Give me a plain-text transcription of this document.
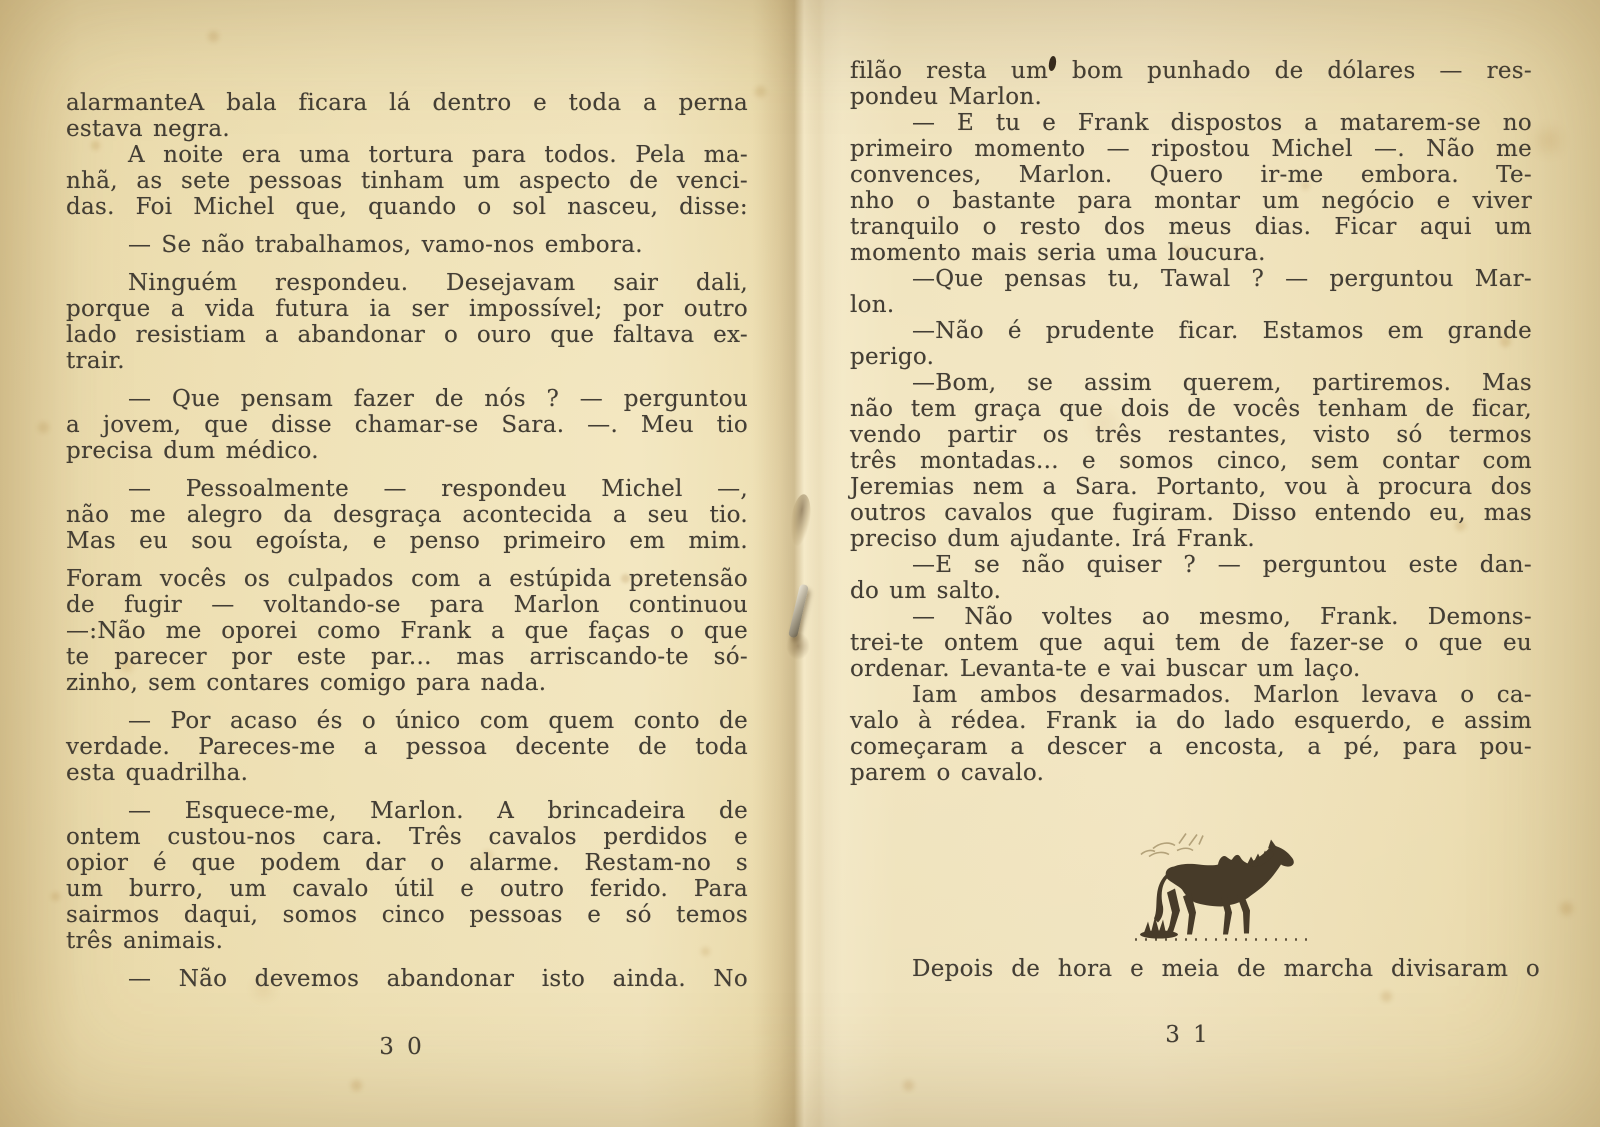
alarmanteA bala ficara lá dentro e toda a perna
estava negra.
A noite era uma tortura para todos. Pela ma-
nhã, as sete pessoas tinham um aspecto de venci-
das. Foi Michel que, quando o sol nasceu, disse:
— Se não trabalhamos, vamo-nos embora.
Ninguém respondeu. Desejavam sair dali,
porque a vida futura ia ser impossível; por outro
lado resistiam a abandonar o ouro que faltava ex-
trair.
— Que pensam fazer de nós ? — perguntou
a jovem, que disse chamar-se Sara. —. Meu tio
precisa dum médico.
— Pessoalmente — respondeu Michel —,
não me alegro da desgraça acontecida a seu tio.
Mas eu sou egoísta, e penso primeiro em mim.
Foram vocês os culpados com a estúpida pretensão
de fugir — voltando-se para Marlon continuou
—:Não me oporei como Frank a que faças o que
te parecer por este par... mas arriscando-te só-
zinho, sem contares comigo para nada.
— Por acaso és o único com quem conto de
verdade. Pareces-me a pessoa decente de toda
esta quadrilha.
— Esquece-me, Marlon. A brincadeira de
ontem custou-nos cara. Três cavalos perdidos e
opior é que podem dar o alarme. Restam-no s
um burro, um cavalo útil e outro ferido. Para
sairmos daqui, somos cinco pessoas e só temos
três animais.
— Não devemos abandonar isto ainda. No
3 0
filão resta um bom punhado de dólares — res-
pondeu Marlon.
— E tu e Frank dispostos a matarem-se no
primeiro momento — ripostou Michel —. Não me
convences, Marlon. Quero ir-me embora. Te-
nho o bastante para montar um negócio e viver
tranquilo o resto dos meus dias. Ficar aqui um
momento mais seria uma loucura.
—Que pensas tu, Tawal ? — perguntou Mar-
lon.
—Não é prudente ficar. Estamos em grande
perigo.
—Bom, se assim querem, partiremos. Mas
não tem graça que dois de vocês tenham de ficar,
vendo partir os três restantes, visto só termos
três montadas... e somos cinco, sem contar com
Jeremias nem a Sara. Portanto, vou à procura dos
outros cavalos que fugiram. Disso entendo eu, mas
preciso dum ajudante. Irá Frank.
—E se não quiser ? — perguntou este dan-
do um salto.
— Não voltes ao mesmo, Frank. Demons-
trei-te ontem que aqui tem de fazer-se o que eu
ordenar. Levanta-te e vai buscar um laço.
Iam ambos desarmados. Marlon levava o ca-
valo à rédea. Frank ia do lado esquerdo, e assim
começaram a descer a encosta, a pé, para pou-
parem o cavalo.
Depois de hora e meia de marcha divisaram o
3 1
